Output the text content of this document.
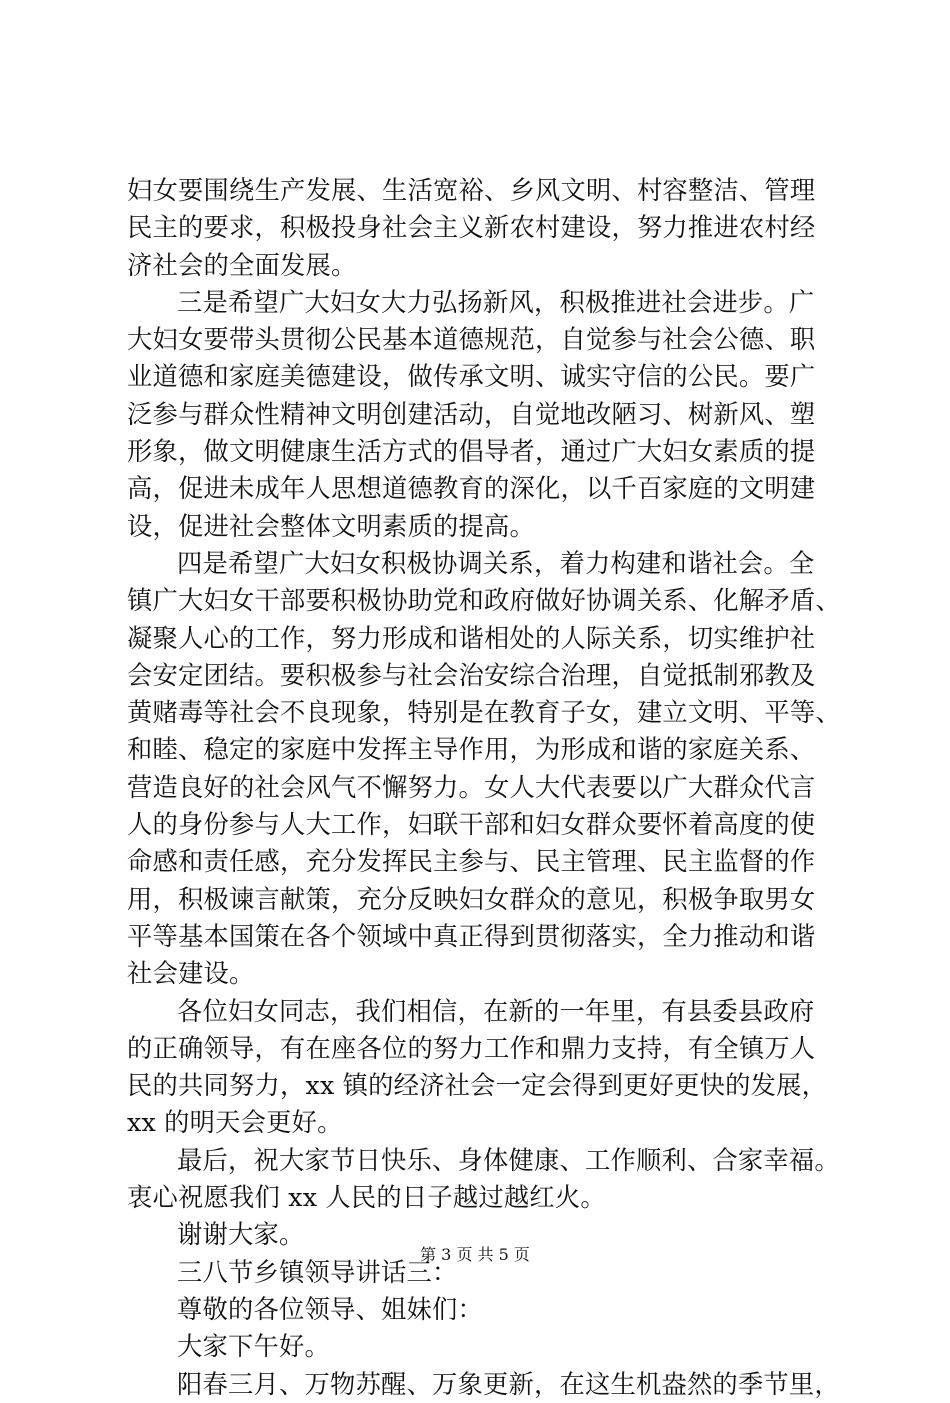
妇女要围绕生产发展、生活宽裕、乡风文明、村容整洁、管理
民主的要求，积极投身社会主义新农村建设，努力推进农村经
济社会的全面发展。
三是希望广大妇女大力弘扬新风，积极推进社会进步。广
大妇女要带头贯彻公民基本道德规范，自觉参与社会公德、职
业道德和家庭美德建设，做传承文明、诚实守信的公民。要广
泛参与群众性精神文明创建活动，自觉地改陋习、树新风、塑
形象，做文明健康生活方式的倡导者，通过广大妇女素质的提
高，促进未成年人思想道德教育的深化，以千百家庭的文明建
设，促进社会整体文明素质的提高。
四是希望广大妇女积极协调关系，着力构建和谐社会。全
镇广大妇女干部要积极协助党和政府做好协调关系、化解矛盾、
凝聚人心的工作，努力形成和谐相处的人际关系，切实维护社
会安定团结。要积极参与社会治安综合治理，自觉抵制邪教及
黄赌毒等社会不良现象，特别是在教育子女，建立文明、平等、
和睦、稳定的家庭中发挥主导作用，为形成和谐的家庭关系、
营造良好的社会风气不懈努力。女人大代表要以广大群众代言
人的身份参与人大工作，妇联干部和妇女群众要怀着高度的使
命感和责任感，充分发挥民主参与、民主管理、民主监督的作
用，积极谏言献策，充分反映妇女群众的意见，积极争取男女
平等基本国策在各个领域中真正得到贯彻落实，全力推动和谐
社会建设。
各位妇女同志，我们相信，在新的一年里，有县委县政府
的正确领导，有在座各位的努力工作和鼎力支持，有全镇万人
民的共同努力，xx 镇的经济社会一定会得到更好更快的发展，
xx 的明天会更好。
最后，祝大家节日快乐、身体健康、工作顺利、合家幸福。
衷心祝愿我们 xx 人民的日子越过越红火。
谢谢大家。
三八节乡镇领导讲话三：
尊敬的各位领导、姐妹们：
大家下午好。
阳春三月、万物苏醒、万象更新，在这生机盎然的季节里，
第 3 页 共 5 页
